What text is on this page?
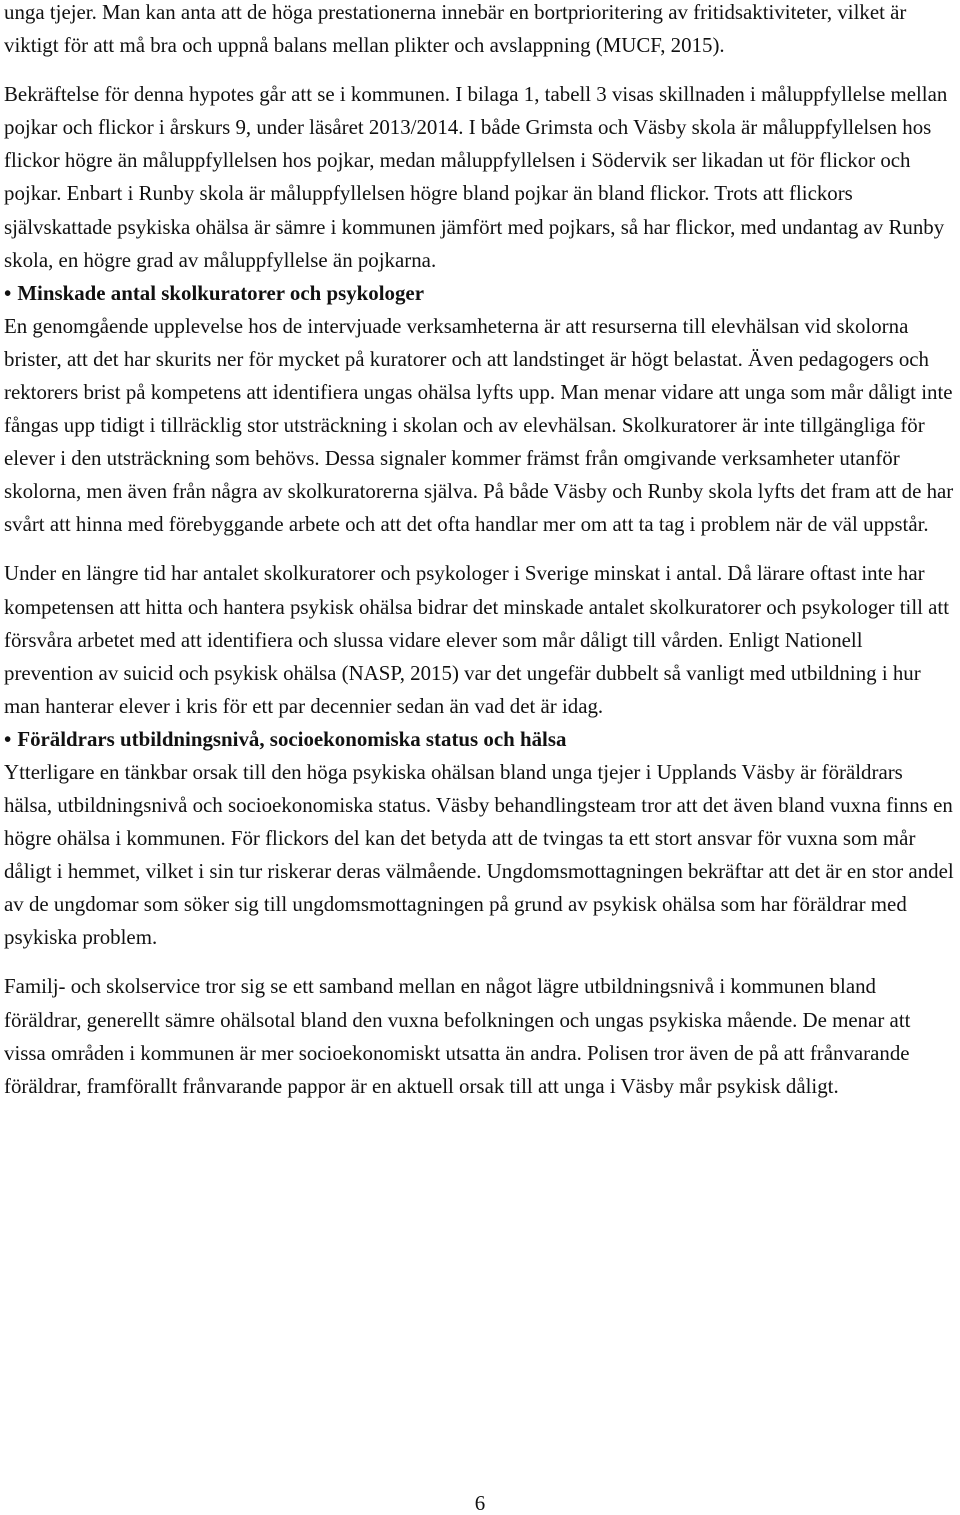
unga tjejer. Man kan anta att de höga prestationerna innebär en bortprioritering av fritidsaktiviteter, vilket är viktigt för att må bra och uppnå balans mellan plikter och avslappning (MUCF, 2015).

Bekräftelse för denna hypotes går att se i kommunen. I bilaga 1, tabell 3 visas skillnaden i måluppfyllelse mellan pojkar och flickor i årskurs 9, under läsåret 2013/2014. I både Grimsta och Väsby skola är måluppfyllelsen hos flickor högre än måluppfyllelsen hos pojkar, medan måluppfyllelsen i Södervik ser likadan ut för flickor och pojkar. Enbart i Runby skola är måluppfyllelsen högre bland pojkar än bland flickor. Trots att flickors självskattade psykiska ohälsa är sämre i kommunen jämfört med pojkars, så har flickor, med undantag av Runby skola, en högre grad av måluppfyllelse än pojkarna.

• Minskade antal skolkuratorer och psykologer

En genomgående upplevelse hos de intervjuade verksamheterna är att resurserna till elevhälsan vid skolorna brister, att det har skurits ner för mycket på kuratorer och att landstinget är högt belastat. Även pedagogers och rektorers brist på kompetens att identifiera ungas ohälsa lyfts upp. Man menar vidare att unga som mår dåligt inte fångas upp tidigt i tillräcklig stor utsträckning i skolan och av elevhälsan. Skolkuratorer är inte tillgängliga för elever i den utsträckning som behövs. Dessa signaler kommer främst från omgivande verksamheter utanför skolorna, men även från några av skolkuratorerna själva. På både Väsby och Runby skola lyfts det fram att de har svårt att hinna med förebyggande arbete och att det ofta handlar mer om att ta tag i problem när de väl uppstår.

Under en längre tid har antalet skolkuratorer och psykologer i Sverige minskat i antal. Då lärare oftast inte har kompetensen att hitta och hantera psykisk ohälsa bidrar det minskade antalet skolkuratorer och psykologer till att försvåra arbetet med att identifiera och slussa vidare elever som mår dåligt till vården. Enligt Nationell prevention av suicid och psykisk ohälsa (NASP, 2015) var det ungefär dubbelt så vanligt med utbildning i hur man hanterar elever i kris för ett par decennier sedan än vad det är idag.

• Föräldrars utbildningsnivå, socioekonomiska status och hälsa

Ytterligare en tänkbar orsak till den höga psykiska ohälsan bland unga tjejer i Upplands Väsby är föräldrars hälsa, utbildningsnivå och socioekonomiska status. Väsby behandlingsteam tror att det även bland vuxna finns en högre ohälsa i kommunen. För flickors del kan det betyda att de tvingas ta ett stort ansvar för vuxna som mår dåligt i hemmet, vilket i sin tur riskerar deras välmående. Ungdomsmottagningen bekräftar att det är en stor andel av de ungdomar som söker sig till ungdomsmottagningen på grund av psykisk ohälsa som har föräldrar med psykiska problem.

Familj- och skolservice tror sig se ett samband mellan en något lägre utbildningsnivå i kommunen bland föräldrar, generellt sämre ohälsotal bland den vuxna befolkningen och ungas psykiska mående. De menar att vissa områden i kommunen är mer socioekonomiskt utsatta än andra. Polisen tror även de på att frånvarande föräldrar, framförallt frånvarande pappor är en aktuell orsak till att unga i Väsby mår psykisk dåligt.

6
